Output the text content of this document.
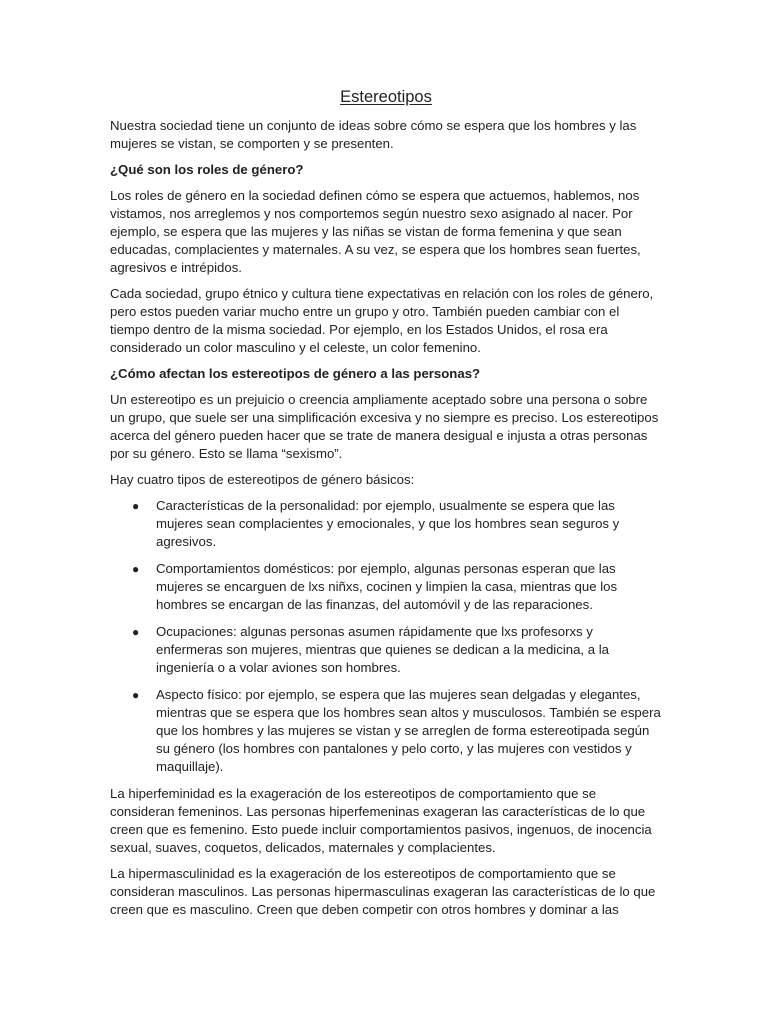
Estereotipos

Nuestra sociedad tiene un conjunto de ideas sobre cómo se espera que los hombres y las mujeres se vistan, se comporten y se presenten.

¿Qué son los roles de género?

Los roles de género en la sociedad definen cómo se espera que actuemos, hablemos, nos vistamos, nos arreglemos y nos comportemos según nuestro sexo asignado al nacer. Por ejemplo, se espera que las mujeres y las niñas se vistan de forma femenina y que sean educadas, complacientes y maternales. A su vez, se espera que los hombres sean fuertes, agresivos e intrépidos.

Cada sociedad, grupo étnico y cultura tiene expectativas en relación con los roles de género, pero estos pueden variar mucho entre un grupo y otro. También pueden cambiar con el tiempo dentro de la misma sociedad. Por ejemplo, en los Estados Unidos, el rosa era considerado un color masculino y el celeste, un color femenino.

¿Cómo afectan los estereotipos de género a las personas?

Un estereotipo es un prejuicio o creencia ampliamente aceptado sobre una persona o sobre un grupo, que suele ser una simplificación excesiva y no siempre es preciso. Los estereotipos acerca del género pueden hacer que se trate de manera desigual e injusta a otras personas por su género. Esto se llama “sexismo”.

Hay cuatro tipos de estereotipos de género básicos:

● Características de la personalidad: por ejemplo, usualmente se espera que las mujeres sean complacientes y emocionales, y que los hombres sean seguros y agresivos.
● Comportamientos domésticos: por ejemplo, algunas personas esperan que las mujeres se encarguen de lxs niñxs, cocinen y limpien la casa, mientras que los hombres se encargan de las finanzas, del automóvil y de las reparaciones.
● Ocupaciones: algunas personas asumen rápidamente que lxs profesorxs y enfermeras son mujeres, mientras que quienes se dedican a la medicina, a la ingeniería o a volar aviones son hombres.
● Aspecto físico: por ejemplo, se espera que las mujeres sean delgadas y elegantes, mientras que se espera que los hombres sean altos y musculosos. También se espera que los hombres y las mujeres se vistan y se arreglen de forma estereotipada según su género (los hombres con pantalones y pelo corto, y las mujeres con vestidos y maquillaje).

La hiperfeminidad es la exageración de los estereotipos de comportamiento que se consideran femeninos. Las personas hiperfemeninas exageran las características de lo que creen que es femenino. Esto puede incluir comportamientos pasivos, ingenuos, de inocencia sexual, suaves, coquetos, delicados, maternales y complacientes.

La hipermasculinidad es la exageración de los estereotipos de comportamiento que se consideran masculinos. Las personas hipermasculinas exageran las características de lo que creen que es masculino. Creen que deben competir con otros hombres y dominar a las
